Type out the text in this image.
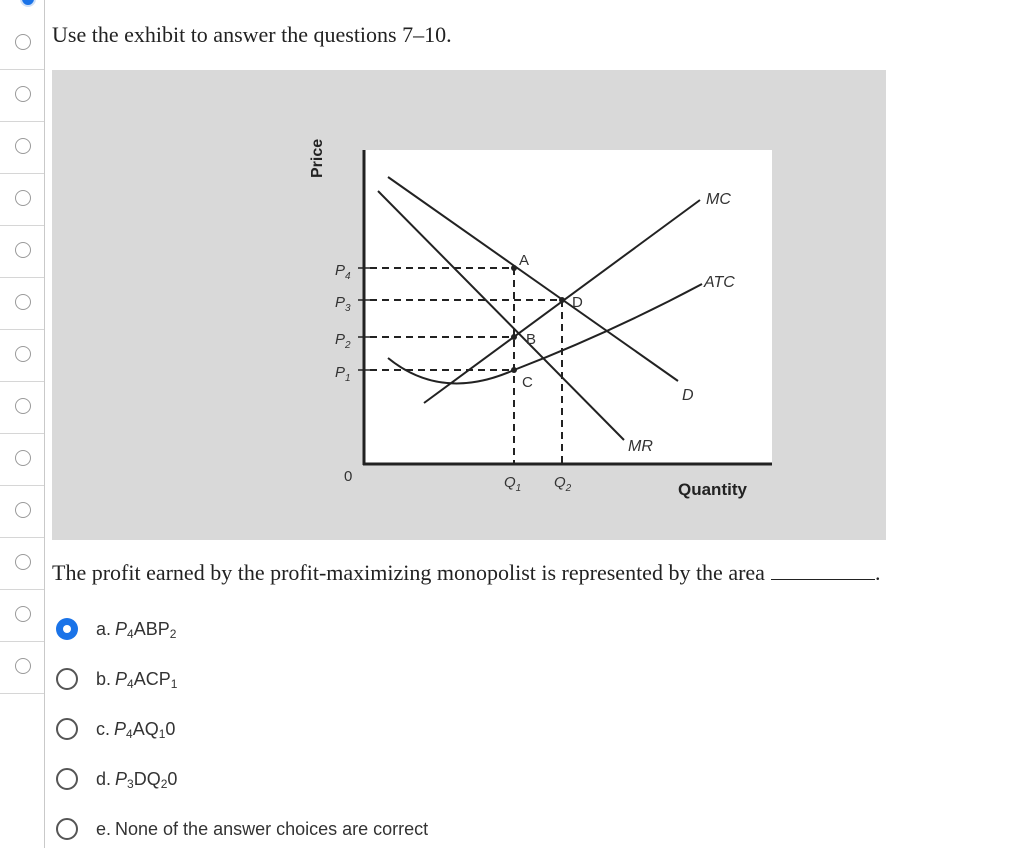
Use the exhibit to answer the questions 7–10.
Price
Quantity
0
$P_4$
$P_3$
$P_2$
$P_1$
MC
ATC
D
MR
A
D
B
C
$Q_1$ $Q_2$
The profit earned by the profit-maximizing monopolist is represented by the area	.
a. $P_4ABP_2$
b. $P_4ACP_1$
c. $P_4AQ_10$
d. $P_3DQ_20$
e. None of the answer choices are correct
